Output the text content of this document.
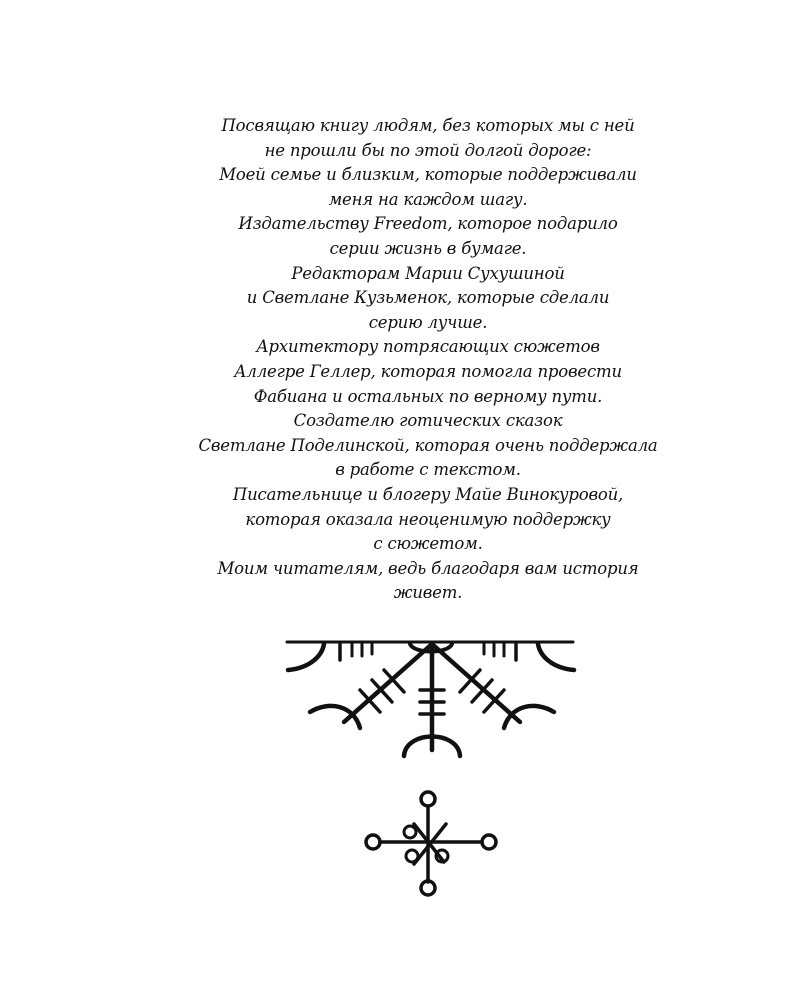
Посвящаю книгу людям, без которых мы с ней
не прошли бы по этой долгой дороге:
Моей семье и близким, которые поддерживали
меня на каждом шагу.
Издательству Freedom, которое подарило
серии жизнь в бумаге.
Редакторам Марии Сухушиной
и Светлане Кузьменок, которые сделали
серию лучше.
Архитектору потрясающих сюжетов
Аллегре Геллер, которая помогла провести
Фабиана и остальных по верному пути.
Создателю готических сказок
Светлане Поделинской, которая очень поддержала
в работе с текстом.
Писательнице и блогеру Майе Винокуровой,
которая оказала неоценимую поддержку
с сюжетом.
Моим читателям, ведь благодаря вам история
живет.
